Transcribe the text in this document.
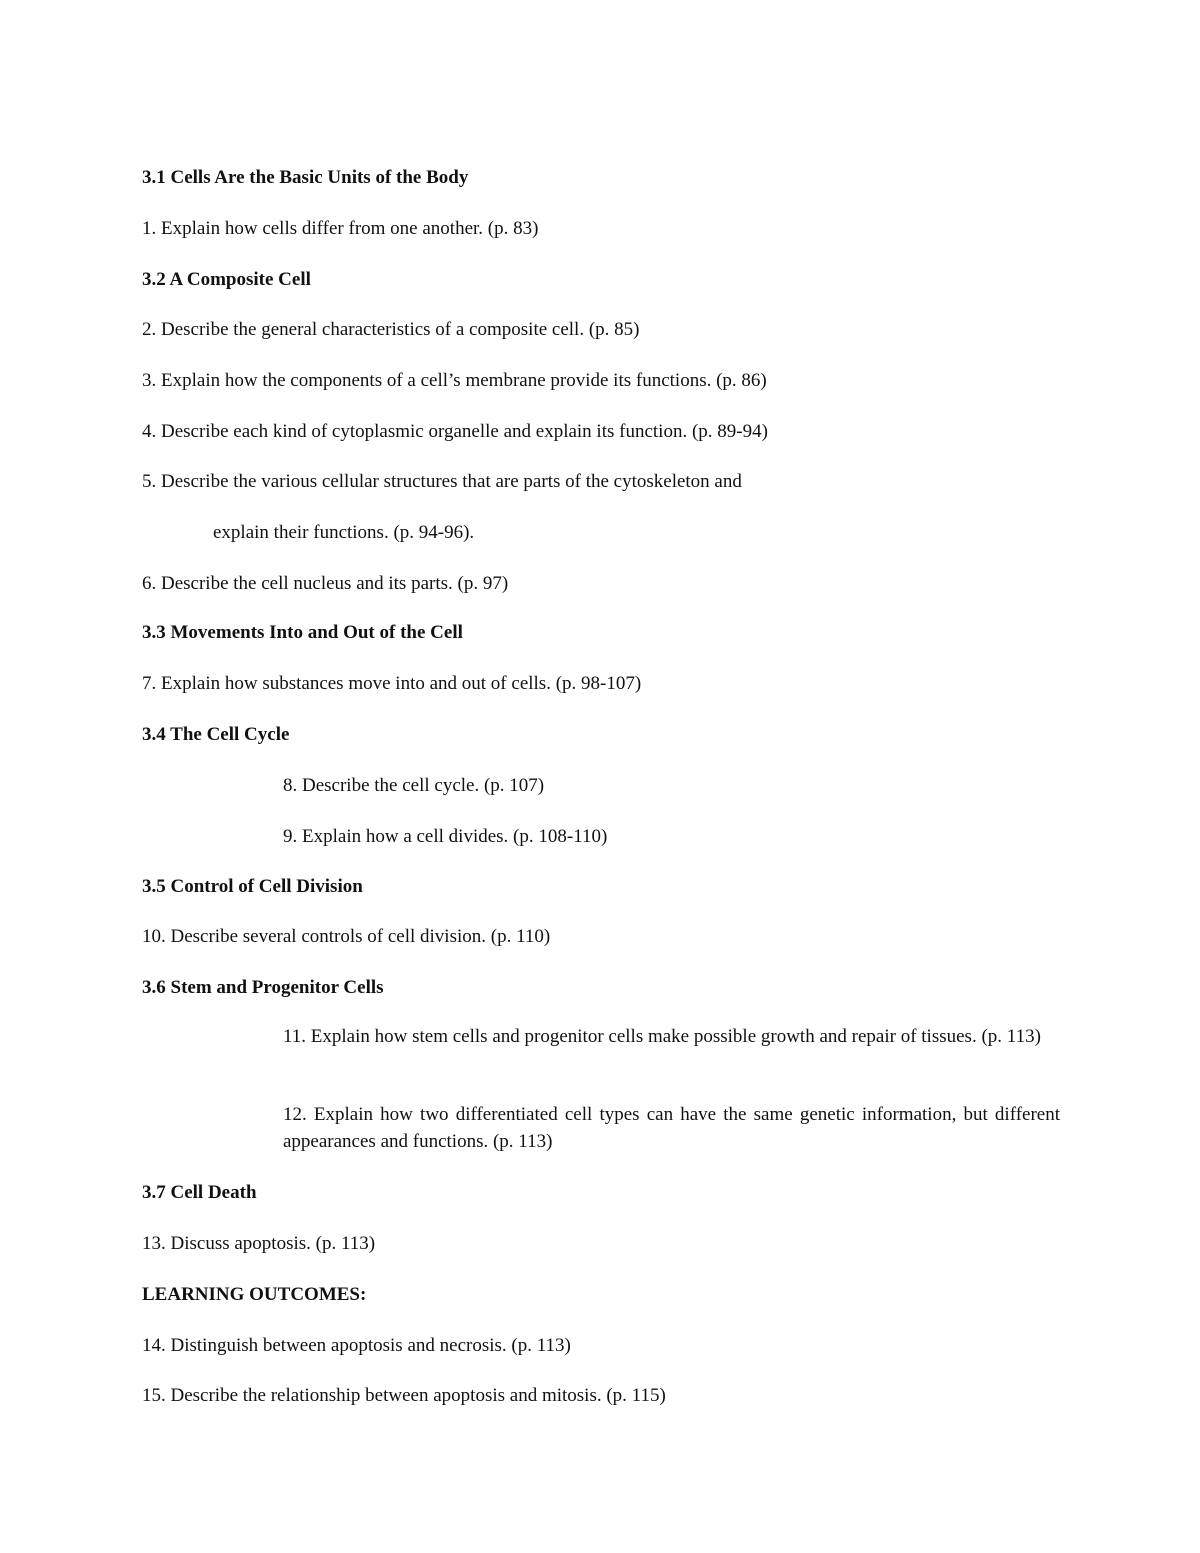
3.1 Cells Are the Basic Units of the Body

1. Explain how cells differ from one another. (p. 83)

3.2 A Composite Cell

2. Describe the general characteristics of a composite cell. (p. 85)

3. Explain how the components of a cell’s membrane provide its functions. (p. 86)

4. Describe each kind of cytoplasmic organelle and explain its function. (p. 89-94)

5. Describe the various cellular structures that are parts of the cytoskeleton and

explain their functions. (p. 94-96).

6. Describe the cell nucleus and its parts. (p. 97)

3.3 Movements Into and Out of the Cell

7. Explain how substances move into and out of cells. (p. 98-107)

3.4 The Cell Cycle

8. Describe the cell cycle. (p. 107)

9. Explain how a cell divides. (p. 108-110)

3.5 Control of Cell Division

10. Describe several controls of cell division. (p. 110)

3.6 Stem and Progenitor Cells

11. Explain how stem cells and progenitor cells make possible growth and repair of tissues. (p. 113)

12. Explain how two differentiated cell types can have the same genetic information, but different appearances and functions. (p. 113)

3.7 Cell Death

13. Discuss apoptosis. (p. 113)

LEARNING OUTCOMES:

14. Distinguish between apoptosis and necrosis. (p. 113)

15. Describe the relationship between apoptosis and mitosis. (p. 115)
